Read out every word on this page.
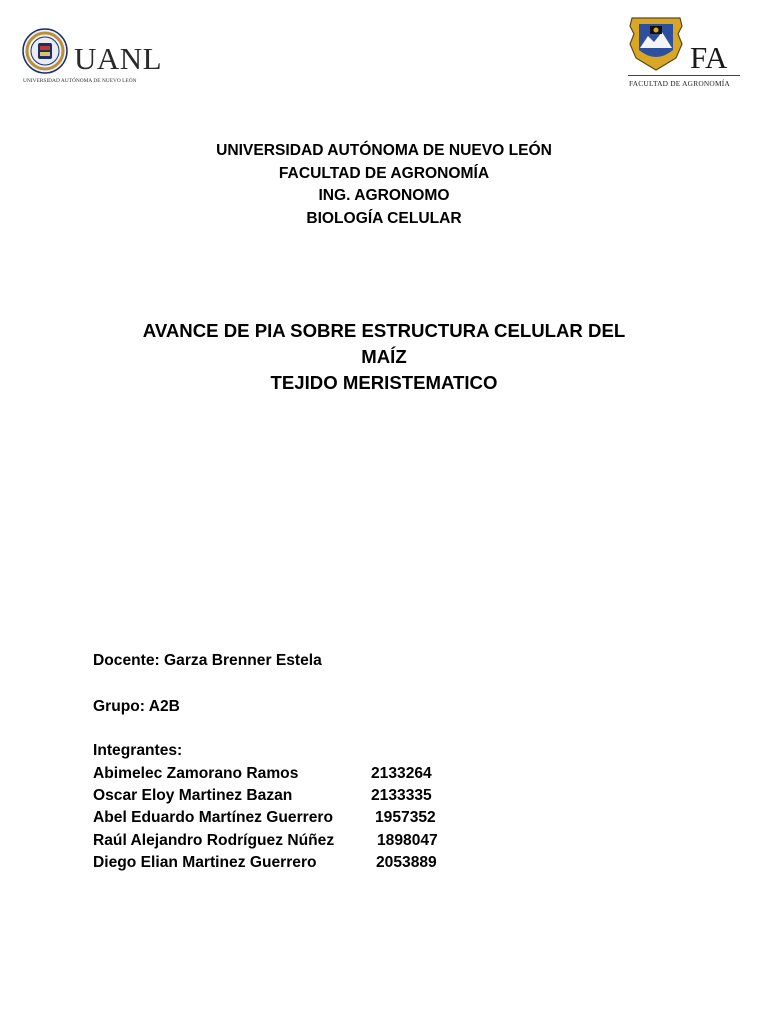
UANL
UNIVERSIDAD AUTÓNOMA DE NUEVO LEÓN
FA
FACULTAD DE AGRONOMÍA
UNIVERSIDAD AUTÓNOMA DE NUEVO LEÓN
FACULTAD DE AGRONOMÍA
ING. AGRONOMO
BIOLOGÍA CELULAR
AVANCE DE PIA SOBRE ESTRUCTURA CELULAR DEL
MAÍZ
TEJIDO MERISTEMATICO
Docente: Garza Brenner Estela
Grupo: A2B
Integrantes:
Abimelec Zamorano Ramos	2133264
Oscar Eloy Martinez Bazan	2133335
Abel Eduardo Martínez Guerrero	1957352
Raúl Alejandro Rodríguez Núñez	1898047
Diego Elian Martinez Guerrero	2053889
